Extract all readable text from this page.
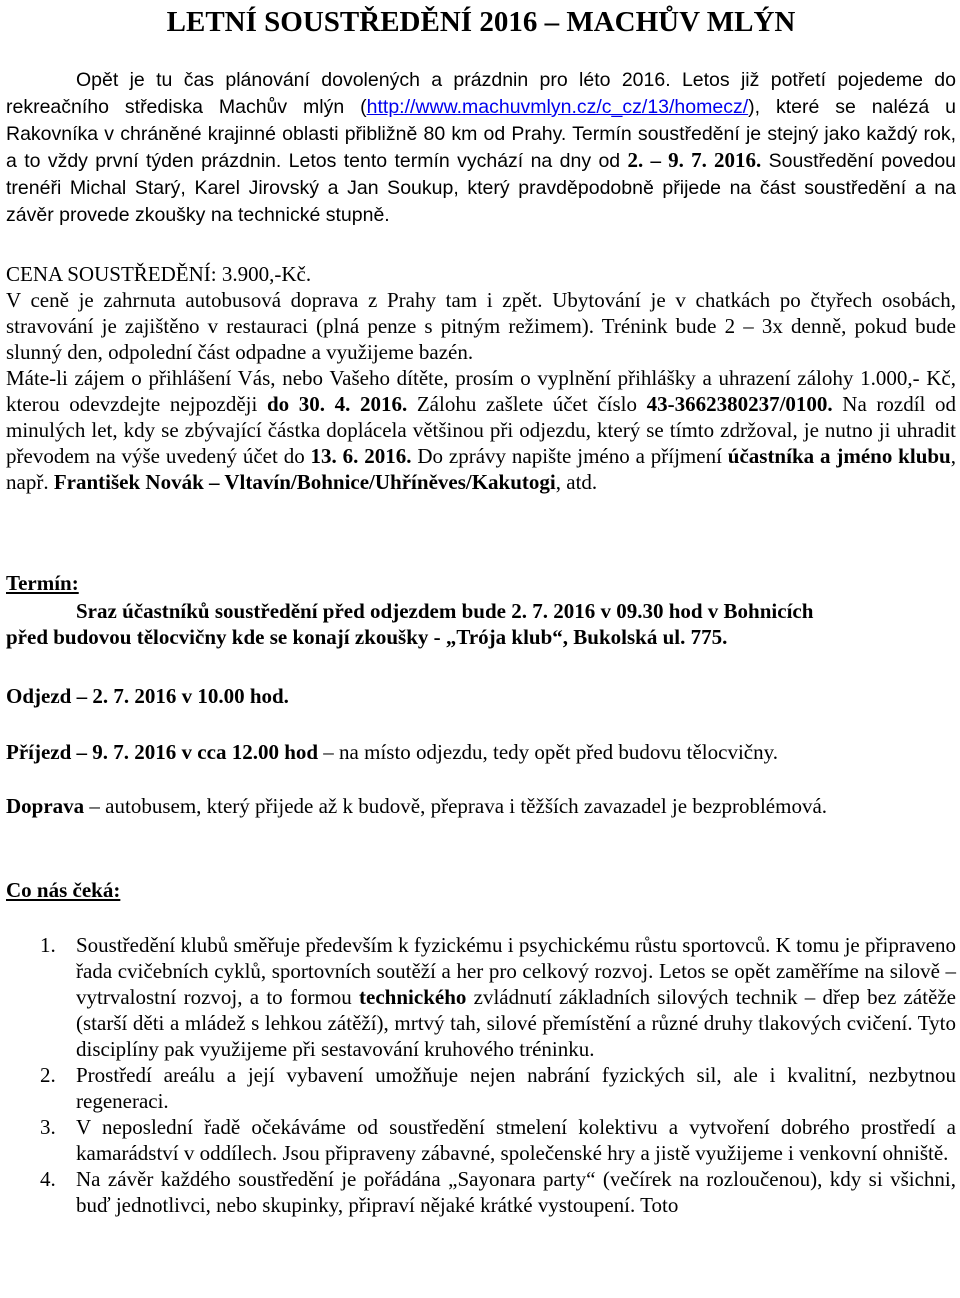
LETNÍ SOUSTŘEDĚNÍ 2016 – MACHŮV MLÝN
Opět je tu čas plánování dovolených a prázdnin pro léto 2016. Letos již potřetí pojedeme do rekreačního střediska Machův mlýn (http://www.machuvmlyn.cz/c_cz/13/homecz/), které se nalézá u Rakovníka v chráněné krajinné oblasti přibližně 80 km od Prahy. Termín soustředění je stejný jako každý rok, a to vždy první týden prázdnin. Letos tento termín vychází na dny od 2. – 9. 7. 2016. Soustředění povedou trenéři Michal Starý, Karel Jirovský a Jan Soukup, který pravděpodobně přijede na část soustředění a na závěr provede zkoušky na technické stupně.
CENA SOUSTŘEDĚNÍ: 3.900,-Kč.
V ceně je zahrnuta autobusová doprava z Prahy tam i zpět. Ubytování je v chatkách po čtyřech osobách, stravování je zajištěno v restauraci (plná penze s pitným režimem). Trénink bude 2 – 3x denně, pokud bude slunný den, odpolední část odpadne a využijeme bazén.
Máte-li zájem o přihlášení Vás, nebo Vašeho dítěte, prosím o vyplnění přihlášky a uhrazení zálohy 1.000,- Kč, kterou odevzdejte nejpozději do 30. 4. 2016. Zálohu zašlete účet číslo 43-3662380237/0100. Na rozdíl od minulých let, kdy se zbývající částka doplácela většinou při odjezdu, který se tímto zdržoval, je nutno ji uhradit převodem na výše uvedený účet do 13. 6. 2016. Do zprávy napište jméno a příjmení účastníka a jméno klubu, např. František Novák – Vltavín/Bohnice/Uhříněves/Kakutogi, atd.
Termín:
Sraz účastníků soustředění před odjezdem bude 2. 7. 2016 v 09.30 hod v Bohnicích
před budovou tělocvičny kde se konají zkoušky - „Trója klub“, Bukolská ul. 775.
Odjezd – 2. 7. 2016 v 10.00 hod.
Příjezd – 9. 7. 2016 v cca 12.00 hod – na místo odjezdu, tedy opět před budovu tělocvičny.
Doprava – autobusem, který přijede až k budově, přeprava i těžších zavazadel je bezproblémová.
Co nás čeká:
1. Soustředění klubů směřuje především k fyzickému i psychickému růstu sportovců. K tomu je připraveno řada cvičebních cyklů, sportovních soutěží a her pro celkový rozvoj. Letos se opět zaměříme na silově – vytrvalostní rozvoj, a to formou technického zvládnutí základních silových technik – dřep bez zátěže (starší děti a mládež s lehkou zátěží), mrtvý tah, silové přemístění a různé druhy tlakových cvičení. Tyto disciplíny pak využijeme při sestavování kruhového tréninku.
2. Prostředí areálu a její vybavení umožňuje nejen nabrání fyzických sil, ale i kvalitní, nezbytnou regeneraci.
3. V neposlední řadě očekáváme od soustředění stmelení kolektivu a vytvoření dobrého prostředí a kamarádství v oddílech. Jsou připraveny zábavné, společenské hry a jistě využijeme i venkovní ohniště.
4. Na závěr každého soustředění je pořádána „Sayonara party“ (večírek na rozloučenou), kdy si všichni, buď jednotlivci, nebo skupinky, připraví nějaké krátké vystoupení. Toto
